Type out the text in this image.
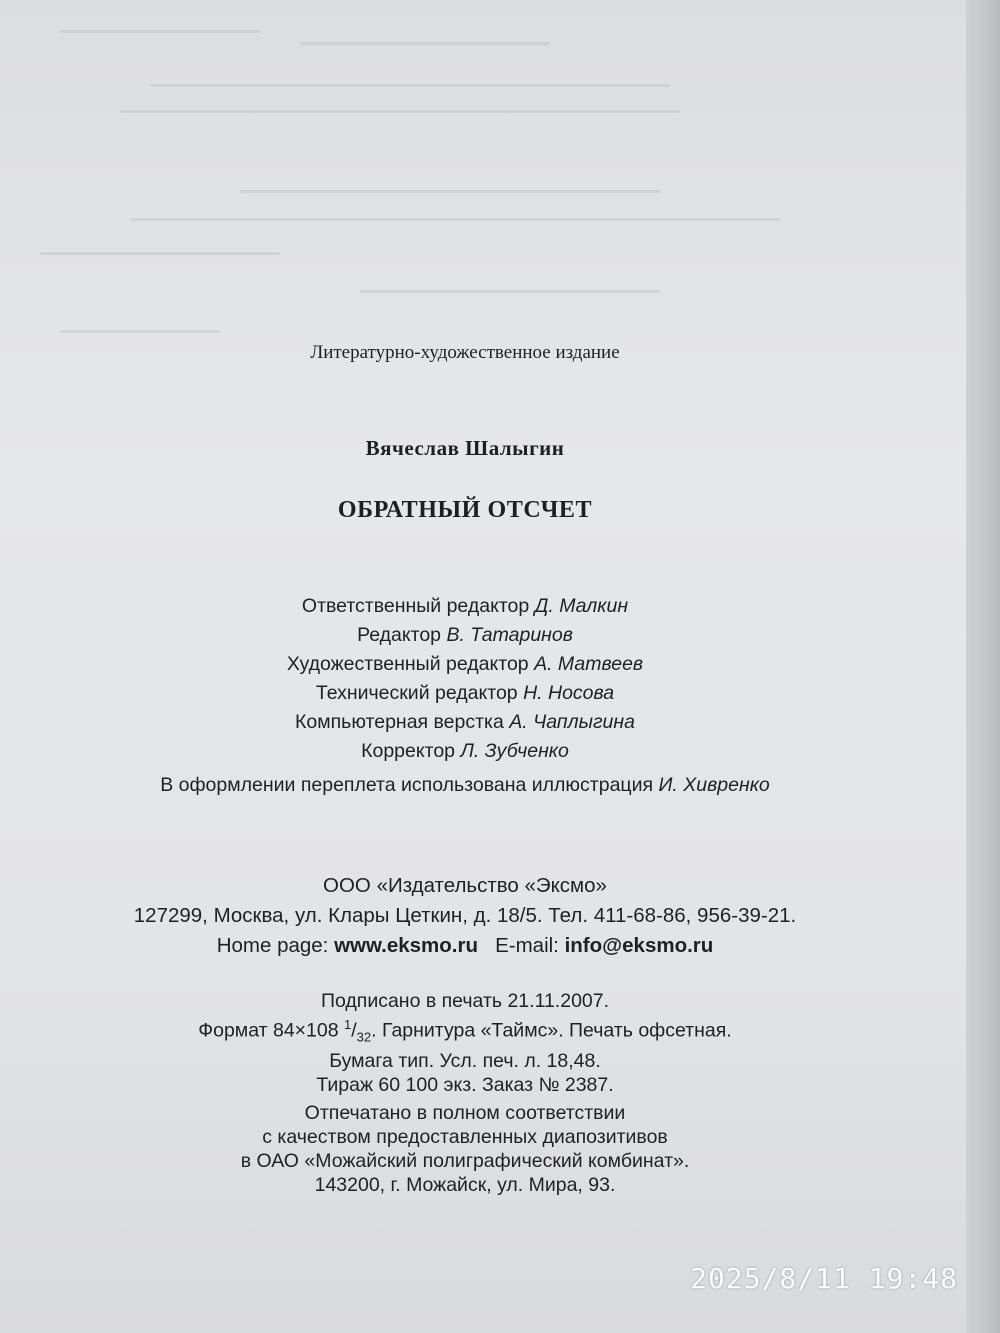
Литературно-художественное издание
Вячеслав Шалыгин
ОБРАТНЫЙ ОТСЧЕТ
Ответственный редактор Д. Малкин
Редактор В. Татаринов
Художественный редактор А. Матвеев
Технический редактор Н. Носова
Компьютерная верстка А. Чаплыгина
Корректор Л. Зубченко
В оформлении переплета использована иллюстрация И. Хивренко
ООО «Издательство «Эксмо»
127299, Москва, ул. Клары Цеткин, д. 18/5. Тел. 411-68-86, 956-39-21.
Home page: www.eksmo.ru E-mail: info@eksmo.ru
Подписано в печать 21.11.2007.
Формат 84×108 $^1/_{32}$. Гарнитура «Таймс». Печать офсетная.
Бумага тип. Усл. печ. л. 18,48.
Тираж 60 100 экз. Заказ № 2387.
Отпечатано в полном соответствии
с качеством предоставленных диапозитивов
в ОАО «Можайский полиграфический комбинат».
143200, г. Можайск, ул. Мира, 93.
2025/8/11 19:48
